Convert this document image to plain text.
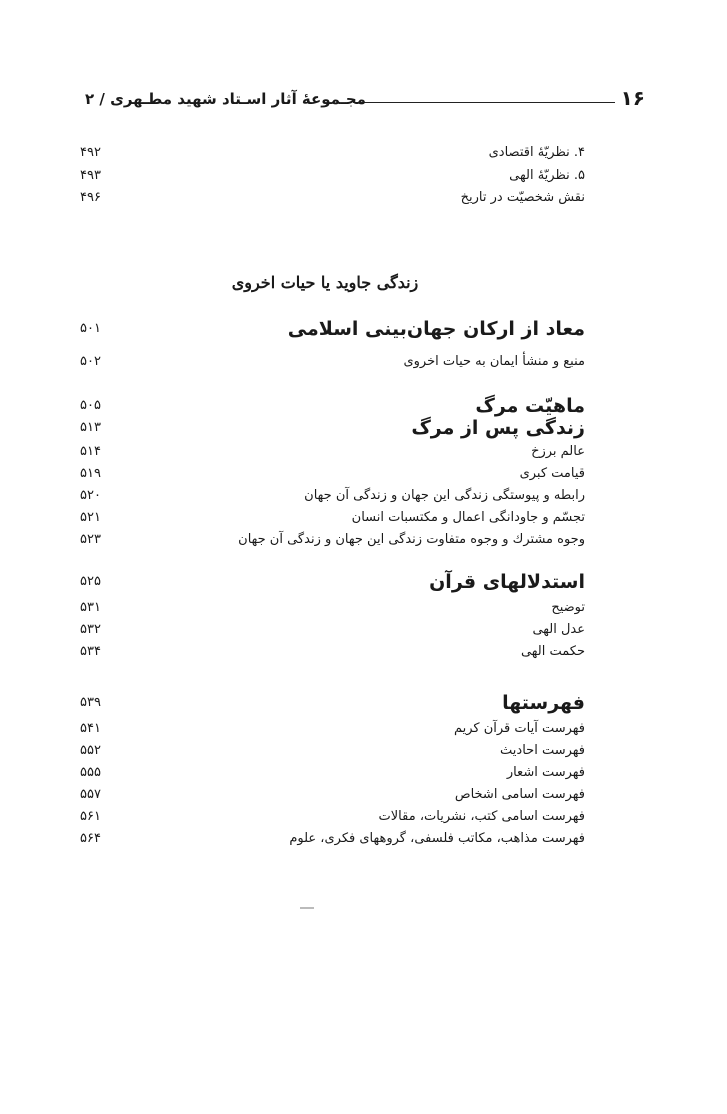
۱۶
مجـموعهٔ آثار اسـتاد شهید مطـهری / ۲
زندگی جاوید یا حیات اخروی
۴. نظریّهٔ اقتصادی
۴۹۲
۵. نظریّهٔ الهی
۴۹۳
نقش شخصیّت در تاریخ
۴۹۶
معاد از ارکان جهان‌بینی اسلامی
۵۰۱
منبع و منشأ ایمان به حیات اخروی
۵۰۲
ماهیّت مرگ
۵۰۵
زندگی پس از مرگ
۵۱۳
عالم برزخ
۵۱۴
قیامت کبری
۵۱۹
رابطه و پیوستگی زندگی این جهان و زندگی آن جهان
۵۲۰
تجسّم و جاودانگی اعمال و مکتسبات انسان
۵۲۱
وجوه مشترك و وجوه متفاوت زندگی این جهان و زندگی آن جهان
۵۲۳
استدلالهای قرآن
۵۲۵
توضیح
۵۳۱
عدل الهی
۵۳۲
حکمت الهی
۵۳۴
فهرستها
۵۳۹
فهرست آیات قرآن کریم
۵۴۱
فهرست احادیث
۵۵۲
فهرست اشعار
۵۵۵
فهرست اسامی اشخاص
۵۵۷
فهرست اسامی کتب، نشریات، مقالات
۵۶۱
فهرست مذاهب، مکاتب فلسفی، گروههای فکری، علوم
۵۶۴
